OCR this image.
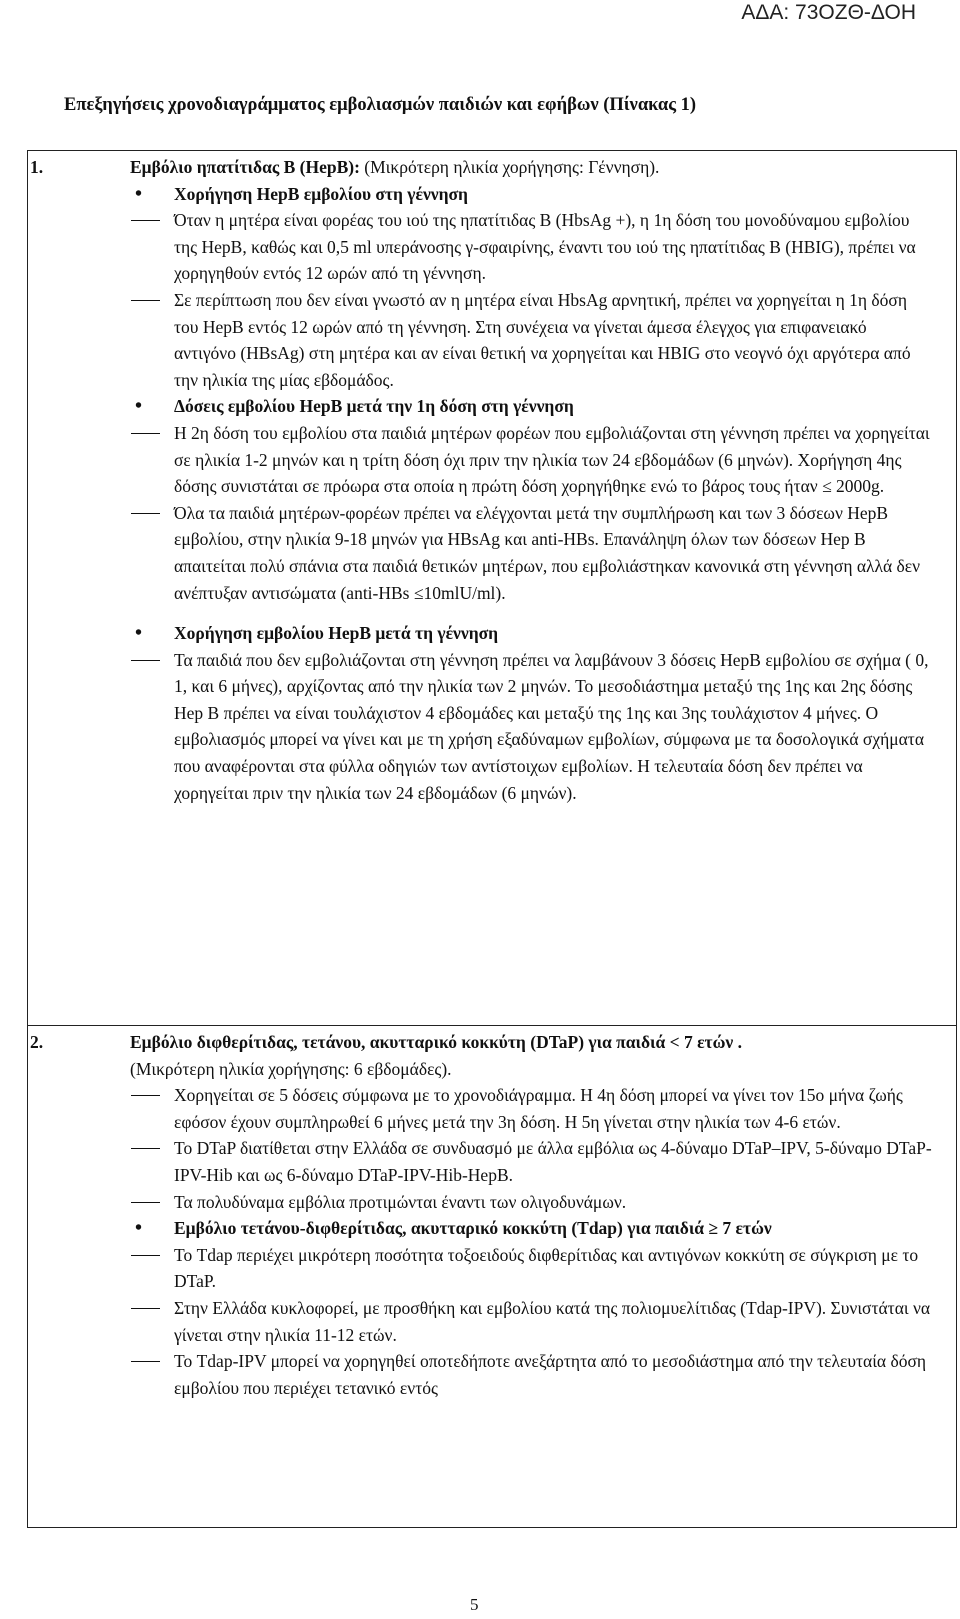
ΑΔΑ: 73ΟΖΘ-ΔΟΗ
Επεξηγήσεις χρονοδιαγράμματος εμβολιασμών παιδιών και εφήβων (Πίνακας 1)
1.	Εμβόλιο ηπατίτιδας Β (ΗepB): (Μικρότερη ηλικία χορήγησης: Γέννηση).
• Χορήγηση HepB εμβολίου στη γέννηση
Όταν η μητέρα είναι φορέας του ιού της ηπατίτιδας Β (HbsAg +), η 1η δόση του μονοδύναμου εμβολίου της HepB, καθώς και 0,5 ml υπεράνοσης γ-σφαιρίνης, έναντι του ιού της ηπατίτιδας Β (HBIG), πρέπει να χορηγηθούν εντός 12 ωρών από τη γέννηση.
Σε περίπτωση που δεν είναι γνωστό αν η μητέρα είναι HbsAg αρνητική, πρέπει να χορηγείται η 1η δόση του HepB εντός 12 ωρών από τη γέννηση. Στη συνέχεια να γίνεται άμεσα έλεγχος για επιφανειακό αντιγόνο (HBsAg) στη μητέρα και αν είναι θετική να χορηγείται και HBIG στο νεογνό όχι αργότερα από την ηλικία της μίας εβδομάδος.
• Δόσεις εμβολίου HepB μετά την 1η δόση στη γέννηση
Η 2η δόση του εμβολίου στα παιδιά μητέρων φορέων που εμβολιάζονται στη γέννηση πρέπει να χορηγείται σε ηλικία 1-2 μηνών και η τρίτη δόση όχι πριν την ηλικία των 24 εβδομάδων (6 μηνών). Χορήγηση 4ης δόσης συνιστάται σε πρόωρα στα οποία η πρώτη δόση χορηγήθηκε ενώ το βάρος τους ήταν ≤ 2000g.
Όλα τα παιδιά μητέρων-φορέων πρέπει να ελέγχονται μετά την συμπλήρωση και των 3 δόσεων HepB εμβολίου, στην ηλικία 9-18 μηνών για HBsAg και anti-HBs. Επανάληψη όλων των δόσεων Hep B απαιτείται πολύ σπάνια στα παιδιά θετικών μητέρων, που εμβολιάστηκαν κανονικά στη γέννηση αλλά δεν ανέπτυξαν αντισώματα (anti-HBs ≤10mlU/ml).
• Χορήγηση εμβολίου HepB μετά τη γέννηση
Τα παιδιά που δεν εμβολιάζονται στη γέννηση πρέπει να λαμβάνουν 3 δόσεις HepB εμβολίου σε σχήμα ( 0, 1, και 6 μήνες), αρχίζοντας από την ηλικία των 2 μηνών. Το μεσοδιάστημα μεταξύ της 1ης και 2ης δόσης Hep B πρέπει να είναι τουλάχιστον 4 εβδομάδες και μεταξύ της 1ης και 3ης τουλάχιστον 4 μήνες. Ο εμβολιασμός μπορεί να γίνει και με τη χρήση εξαδύναμων εμβολίων, σύμφωνα με τα δοσολογικά σχήματα που αναφέρονται στα φύλλα οδηγιών των αντίστοιχων εμβολίων. Η τελευταία δόση δεν πρέπει να χορηγείται πριν την ηλικία των 24 εβδομάδων (6 μηνών).

2.	Εμβόλιο διφθερίτιδας, τετάνου, ακυτταρικό κοκκύτη (DTaP) για παιδιά < 7 ετών .
(Μικρότερη ηλικία χορήγησης: 6 εβδομάδες).
Χορηγείται σε 5 δόσεις σύμφωνα με το χρονοδιάγραμμα. Η 4η δόση μπορεί να γίνει τον 15ο μήνα ζωής εφόσον έχουν συμπληρωθεί 6 μήνες μετά την 3η δόση. Η 5η γίνεται στην ηλικία των 4-6 ετών.
Το DTaP διατίθεται στην Ελλάδα σε συνδυασμό με άλλα εμβόλια ως 4-δύναμο DTaP–IPV, 5-δύναμο DTaP-IPV-Hib και ως 6-δύναμο DTaP-IPV-Hib-HepB.
Τα πολυδύναμα εμβόλια προτιμώνται έναντι των ολιγοδυνάμων.
• Εμβόλιο τετάνου-διφθερίτιδας, ακυτταρικό κοκκύτη (Tdap) για παιδιά ≥ 7 ετών
Το Tdap περιέχει μικρότερη ποσότητα τοξοειδούς διφθερίτιδας και αντιγόνων κοκκύτη σε σύγκριση με το DTaP.
Στην Ελλάδα κυκλοφορεί, με προσθήκη και εμβολίου κατά της πολιομυελίτιδας (Tdap-IPV). Συνιστάται να γίνεται στην ηλικία 11-12 ετών.
Το Tdap-IPV μπορεί να χορηγηθεί οποτεδήποτε ανεξάρτητα από το μεσοδιάστημα από την τελευταία δόση εμβολίου που περιέχει τετανικό εντός
5
